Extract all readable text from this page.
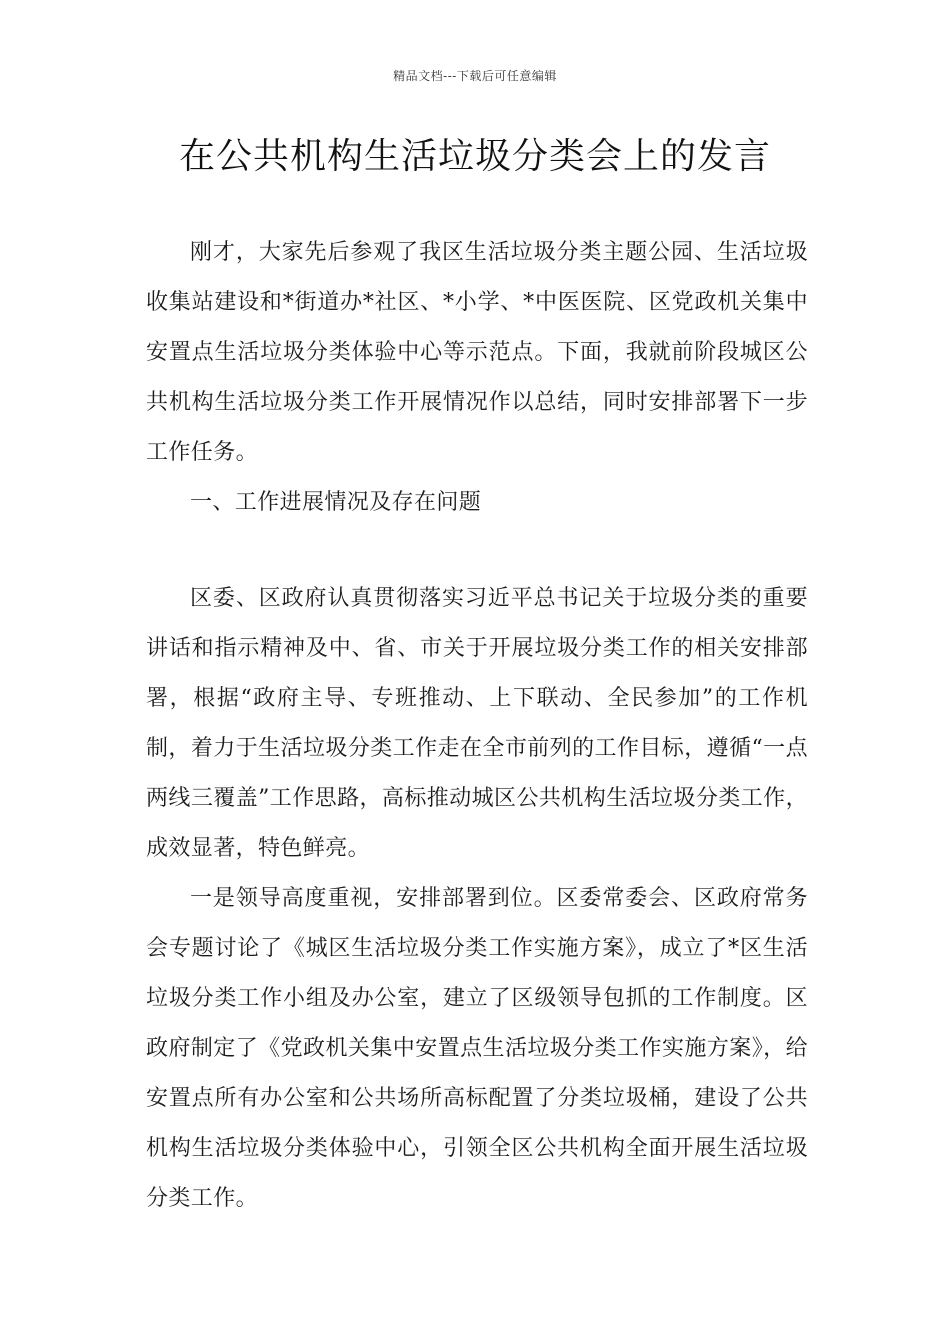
精品文档---下载后可任意编辑
在公共机构生活垃圾分类会上的发言

刚才，大家先后参观了我区生活垃圾分类主题公园、生活垃圾收集站建设和*街道办*社区、*小学、*中医医院、区党政机关集中安置点生活垃圾分类体验中心等示范点。下面，我就前阶段城区公共机构生活垃圾分类工作开展情况作以总结，同时安排部署下一步工作任务。

一、工作进展情况及存在问题

区委、区政府认真贯彻落实习近平总书记关于垃圾分类的重要讲话和指示精神及中、省、市关于开展垃圾分类工作的相关安排部署，根据“政府主导、专班推动、上下联动、全民参加”的工作机制，着力于生活垃圾分类工作走在全市前列的工作目标，遵循“一点两线三覆盖”工作思路，高标推动城区公共机构生活垃圾分类工作，成效显著，特色鲜亮。

一是领导高度重视，安排部署到位。区委常委会、区政府常务会专题讨论了《城区生活垃圾分类工作实施方案》，成立了*区生活垃圾分类工作小组及办公室，建立了区级领导包抓的工作制度。区政府制定了《党政机关集中安置点生活垃圾分类工作实施方案》，给安置点所有办公室和公共场所高标配置了分类垃圾桶，建设了公共机构生活垃圾分类体验中心，引领全区公共机构全面开展生活垃圾分类工作。
